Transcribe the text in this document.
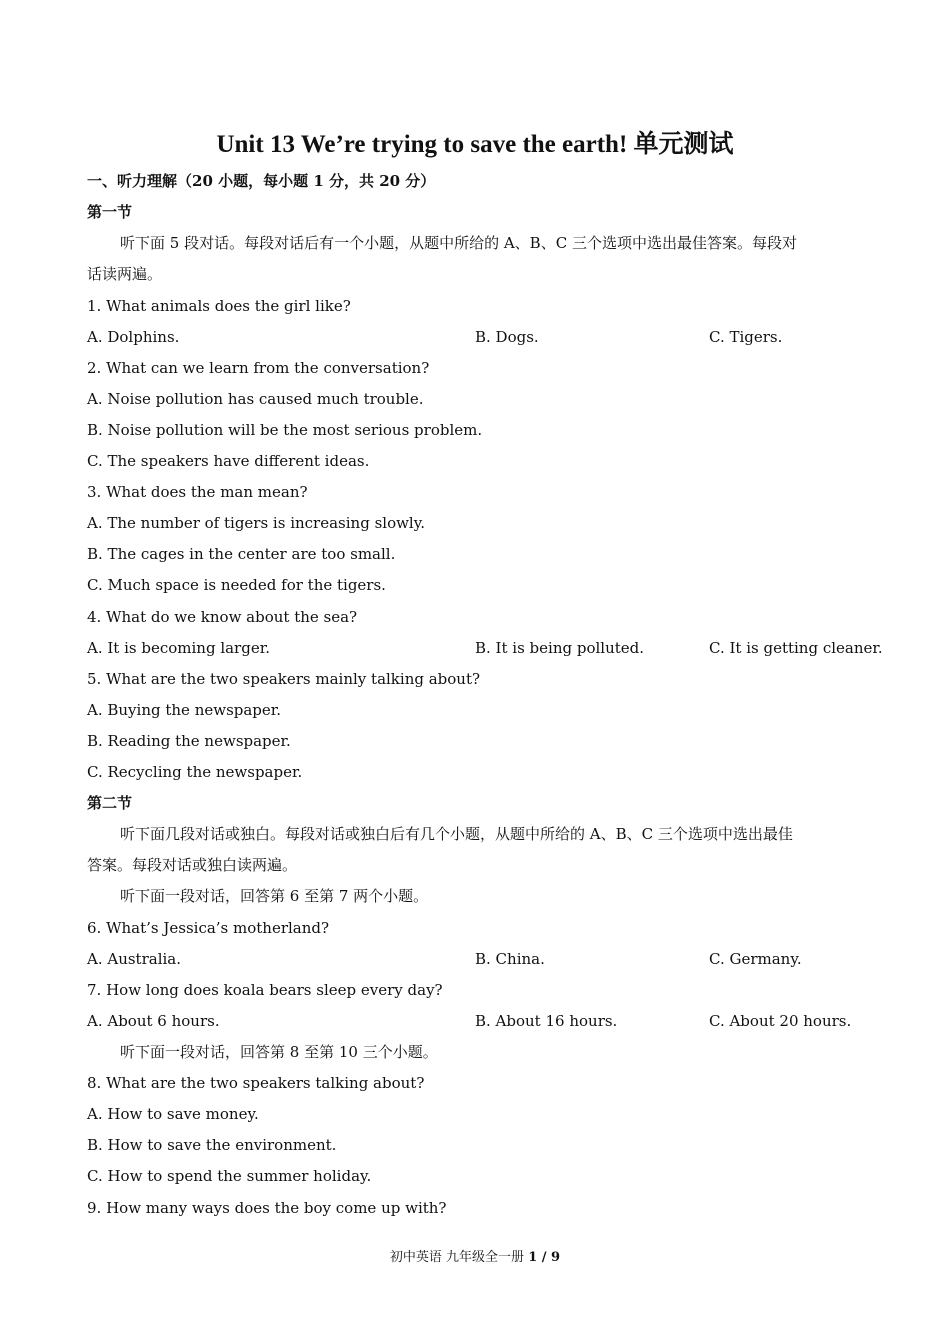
Unit 13 We’re trying to save the earth! 单元测试
一、听力理解（20 小题，每小题 1 分，共 20 分）
第一节
听下面 5 段对话。每段对话后有一个小题，从题中所给的 A、B、C 三个选项中选出最佳答案。每段对
话读两遍。
1. What animals does the girl like?
A. Dolphins.	B. Dogs.	C. Tigers.
2. What can we learn from the conversation?
A. Noise pollution has caused much trouble.
B. Noise pollution will be the most serious problem.
C. The speakers have different ideas.
3. What does the man mean?
A. The number of tigers is increasing slowly.
B. The cages in the center are too small.
C. Much space is needed for the tigers.
4. What do we know about the sea?
A. It is becoming larger.	B. It is being polluted.	C. It is getting cleaner.
5. What are the two speakers mainly talking about?
A. Buying the newspaper.
B. Reading the newspaper.
C. Recycling the newspaper.
第二节
听下面几段对话或独白。每段对话或独白后有几个小题，从题中所给的 A、B、C 三个选项中选出最佳
答案。每段对话或独白读两遍。
听下面一段对话，回答第 6 至第 7 两个小题。
6. What’s Jessica’s motherland?
A. Australia.	B. China.	C. Germany.
7. How long does koala bears sleep every day?
A. About 6 hours.	B. About 16 hours.	C. About 20 hours.
听下面一段对话，回答第 8 至第 10 三个小题。
8. What are the two speakers talking about?
A. How to save money.
B. How to save the environment.
C. How to spend the summer holiday.
9. How many ways does the boy come up with?
初中英语 九年级全一册 1 / 9
